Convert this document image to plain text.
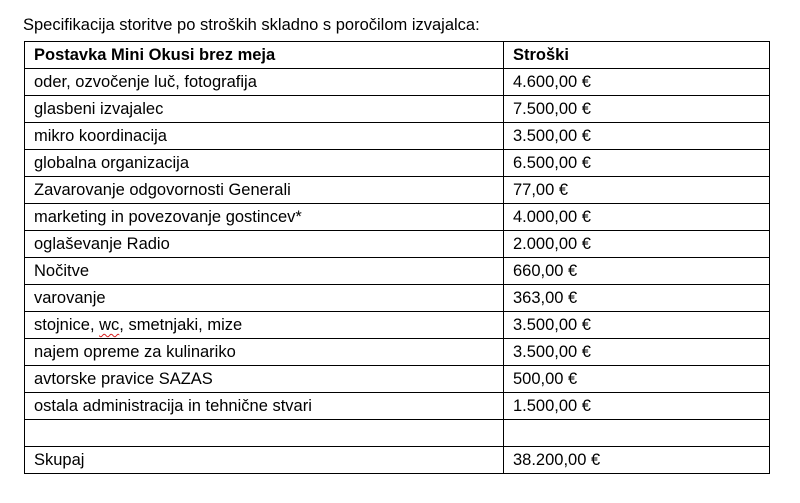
Specifikacija storitve po stroških skladno s poročilom izvajalca:
Postavka Mini Okusi brez meja	Stroški
oder, ozvočenje luč, fotografija	4.600,00 €
glasbeni izvajalec	7.500,00 €
mikro koordinacija	3.500,00 €
globalna organizacija	6.500,00 €
Zavarovanje odgovornosti Generali	77,00 €
marketing in povezovanje gostincev*	4.000,00 €
oglaševanje Radio	2.000,00 €
Nočitve	660,00 €
varovanje	363,00 €
stojnice, wc, smetnjaki, mize	3.500,00 €
najem opreme za kulinariko	3.500,00 €
avtorske pravice SAZAS	500,00 €
ostala administracija in tehnične stvari	1.500,00 €

Skupaj	38.200,00 €
